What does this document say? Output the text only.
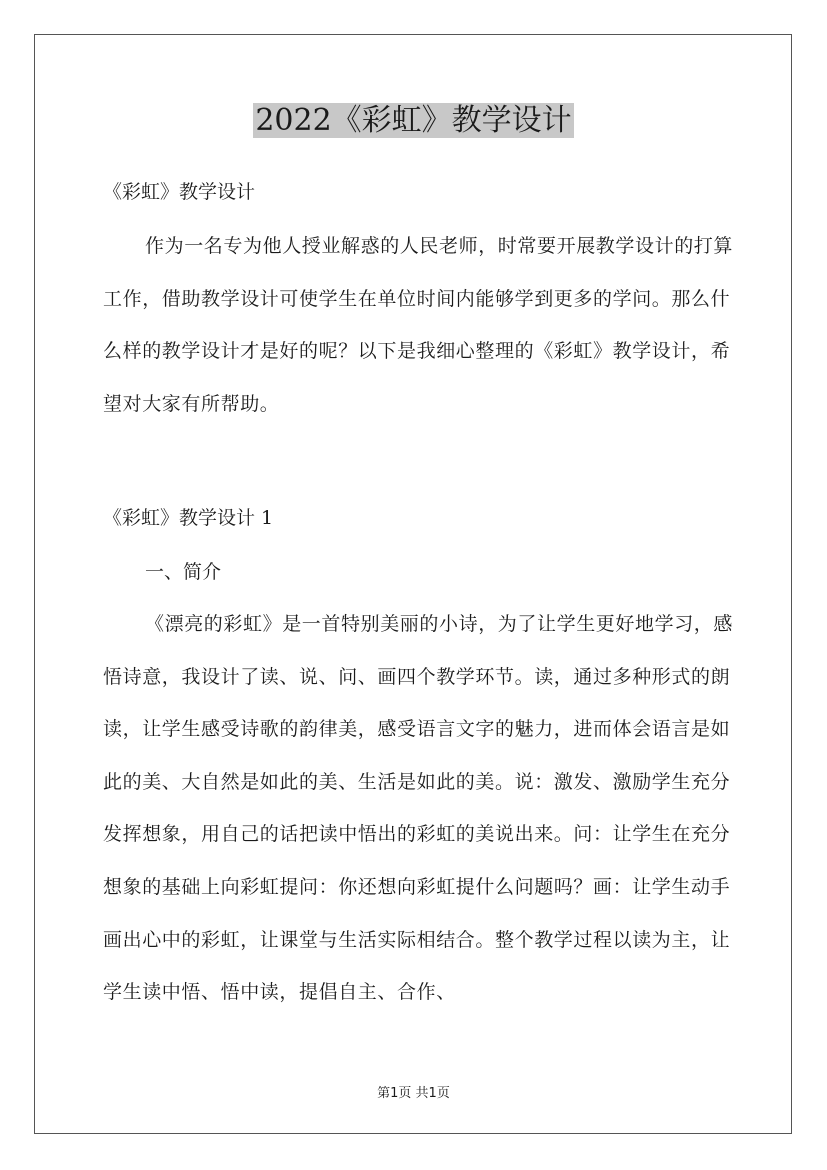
2022《彩虹》教学设计
《彩虹》教学设计

作为一名专为他人授业解惑的人民老师，时常要开展教学设计的打算工作，借助教学设计可使学生在单位时间内能够学到更多的学问。那么什么样的教学设计才是好的呢？以下是我细心整理的《彩虹》教学设计，希望对大家有所帮助。

《彩虹》教学设计 1
一、简介

《漂亮的彩虹》是一首特别美丽的小诗，为了让学生更好地学习，感悟诗意，我设计了读、说、问、画四个教学环节。读，通过多种形式的朗读，让学生感受诗歌的韵律美，感受语言文字的魅力，进而体会语言是如此的美、大自然是如此的美、生活是如此的美。说：激发、激励学生充分发挥想象，用自己的话把读中悟出的彩虹的美说出来。问：让学生在充分想象的基础上向彩虹提问：你还想向彩虹提什么问题吗？画：让学生动手画出心中的彩虹，让课堂与生活实际相结合。整个教学过程以读为主，让学生读中悟、悟中读，提倡自主、合作、

第1页 共1页
